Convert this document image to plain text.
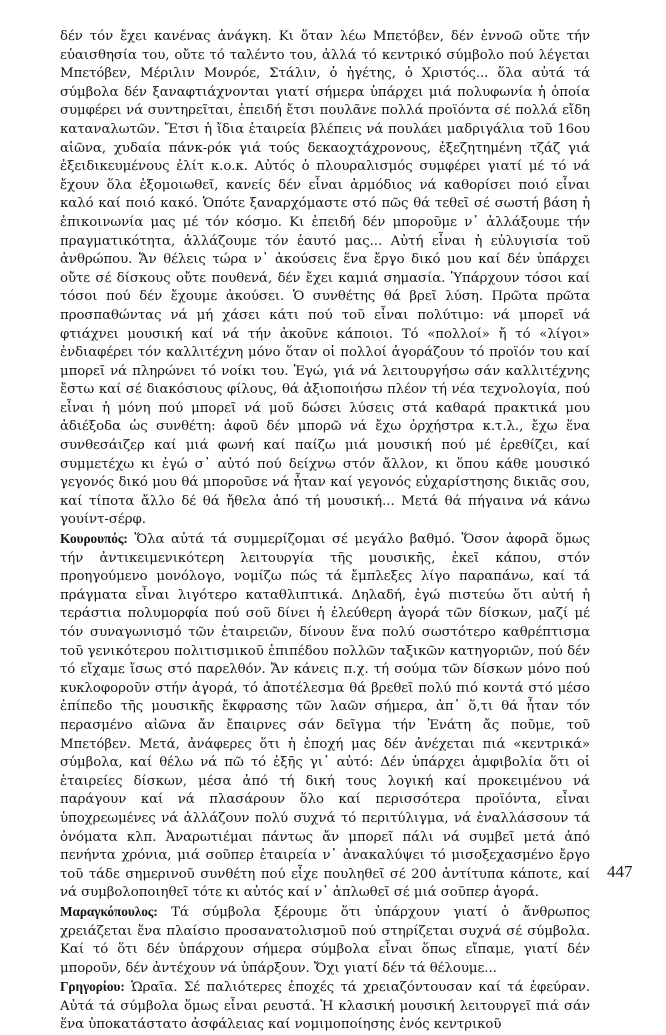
δέν τόν ἔχει κανένας ἀνάγκη. Κι ὅταν λέω Μπετόβεν, δέν ἐννοῶ οὔτε τήν εὐαισθησία του, οὔτε τό ταλέντο του, ἀλλά τό κεντρικό σύμβολο πού λέγεται Μπετόβεν, Μέριλιν Μονρόε, Στάλιν, ὁ ἡγέτης, ὁ Χριστός... ὅλα αὐτά τά σύμβολα δέν ξαναφτιάχνονται γιατί σήμερα ὑπάρχει μιά πολυφωνία ἡ ὁποία συμφέρει νά συντηρεῖται, ἐπειδή ἔτσι πουλᾶνε πολλά προϊόντα σέ πολλά εἴδη καταναλωτῶν. Ἔτσι ἡ ἴδια ἑταιρεία βλέπεις νά πουλάει μαδριγάλια τοῦ 16ου αἰῶνα, χυδαία πάνκ-ρόκ γιά τούς δεκαοχτάχρονους, ἐξεζητημένη τζάζ γιά ἐξειδικευμένους ἐλίτ κ.ο.κ. Αὐτός ὁ πλουραλισμός συμφέρει γιατί μέ τό νά ἔχουν ὅλα ἐξομοιωθεῖ, κανείς δέν εἶναι ἁρμόδιος νά καθορίσει ποιό εἶναι καλό καί ποιό κακό. Ὁπότε ξαναρχόμαστε στό πῶς θά τεθεῖ σέ σωστή βάση ἡ ἐπικοινωνία μας μέ τόν κόσμο. Κι ἐπειδή δέν μποροῦμε ν᾿ ἀλλάξουμε τήν πραγματικότητα, ἀλλάζουμε τόν ἑαυτό μας... Αὐτή εἶναι ἡ εὐλυγισία τοῦ ἀνθρώπου. Ἄν θέλεις τώρα ν᾿ ἀκούσεις ἕνα ἔργο δικό μου καί δέν ὑπάρχει οὔτε σέ δίσκους οὔτε πουθενά, δέν ἔχει καμιά σημασία. Ὑπάρχουν τόσοι καί τόσοι πού δέν ἔχουμε ἀκούσει. Ὁ συνθέτης θά βρεῖ λύση. Πρῶτα πρῶτα προσπαθώντας νά μή χάσει κάτι πού τοῦ εἶναι πολύτιμο: νά μπορεῖ νά φτιάχνει μουσική καί νά τήν ἀκοῦνε κάποιοι. Τό «πολλοί» ἤ τό «λίγοι» ἐνδιαφέρει τόν καλλιτέχνη μόνο ὅταν οἱ πολλοί ἀγοράζουν τό προϊόν του καί μπορεῖ νά πληρώνει τό νοίκι του. Ἐγώ, γιά νά λειτουργήσω σάν καλλιτέχνης ἔστω καί σέ διακόσιους φίλους, θά ἀξιοποιήσω πλέον τή νέα τεχνολογία, πού εἶναι ἡ μόνη πού μπορεῖ νά μοῦ δώσει λύσεις στά καθαρά πρακτικά μου ἀδιέξοδα ὡς συνθέτη: ἀφοῦ δέν μπορῶ νά ἔχω ὀρχήστρα κ.τ.λ., ἔχω ἕνα συνθεσάιζερ καί μιά φωνή καί παίζω μιά μουσική πού μέ ἐρεθίζει, καί συμμετέχω κι ἐγώ σ᾿ αὐτό πού δείχνω στόν ἄλλον, κι ὅπου κάθε μουσικό γεγονός δικό μου θά μποροῦσε νά ἦταν καί γεγονός εὐχαρίστησης δικιᾶς σου, καί τίποτα ἄλλο δέ θά ἤθελα ἀπό τή μουσική... Μετά θά πήγαινα νά κάνω γουίντ-σέρφ.

Κουρουπός: Ὅλα αὐτά τά συμμερίζομαι σέ μεγάλο βαθμό. Ὅσον ἀφορᾶ ὅμως τήν ἀντικειμενικότερη λειτουργία τῆς μουσικῆς, ἐκεῖ κάπου, στόν προηγούμενο μονόλογο, νομίζω πώς τά ἔμπλεξες λίγο παραπάνω, καί τά πράγματα εἶναι λιγότερο καταθλιπτικά. Δηλαδή, ἐγώ πιστεύω ὅτι αὐτή ἡ τεράστια πολυμορφία πού σοῦ δίνει ἡ ἐλεύθερη ἀγορά τῶν δίσκων, μαζί μέ τόν συναγωνισμό τῶν ἑταιρειῶν, δίνουν ἕνα πολύ σωστότερο καθρέπτισμα τοῦ γενικότερου πολιτισμικοῦ ἐπιπέδου πολλῶν ταξικῶν κατηγοριῶν, πού δέν τό εἴχαμε ἴσως στό παρελθόν. Ἄν κάνεις π.χ. τή σούμα τῶν δίσκων μόνο πού κυκλοφοροῦν στήν ἀγορά, τό ἀποτέλεσμα θά βρεθεῖ πολύ πιό κοντά στό μέσο ἐπίπεδο τῆς μουσικῆς ἔκφρασης τῶν λαῶν σήμερα, ἀπ᾿ ὅ,τι θά ἦταν τόν περασμένο αἰῶνα ἄν ἔπαιρνες σάν δεῖγμα τήν Ἐνάτη ἄς ποῦμε, τοῦ Μπετόβεν. Μετά, ἀνάφερες ὅτι ἡ ἐποχή μας δέν ἀνέχεται πιά «κεντρικά» σύμβολα, καί θέλω νά πῶ τό ἑξῆς γι᾿ αὐτό: Δέν ὑπάρχει ἀμφιβολία ὅτι οἱ ἑταιρείες δίσκων, μέσα ἀπό τή δική τους λογική καί προκειμένου νά παράγουν καί νά πλασάρουν ὅλο καί περισσότερα προϊόντα, εἶναι ὑποχρεωμένες νά ἀλλάζουν πολύ συχνά τό περιτύλιγμα, νά ἐναλλάσσουν τά ὀνόματα κλπ. Ἀναρωτιέμαι πάντως ἄν μπορεῖ πάλι νά συμβεῖ μετά ἀπό πενήντα χρόνια, μιά σοῦπερ ἑταιρεία ν᾿ ἀνακαλύψει τό μισοξεχασμένο ἔργο τοῦ τάδε σημερινοῦ συνθέτη πού εἶχε πουληθεῖ σέ 200 ἀντίτυπα κάποτε, καί νά συμβολοποιηθεῖ τότε κι αὐτός καί ν᾿ ἁπλωθεῖ σέ μιά σοῦπερ ἀγορά.

Μαραγκόπουλος: Τά σύμβολα ξέρουμε ὅτι ὑπάρχουν γιατί ὁ ἄνθρωπος χρειάζεται ἕνα πλαίσιο προσανατολισμοῦ πού στηρίζεται συχνά σέ σύμβολα. Καί τό ὅτι δέν ὑπάρχουν σήμερα σύμβολα εἶναι ὅπως εἴπαμε, γιατί δέν μποροῦν, δέν ἀντέχουν νά ὑπάρξουν. Ὄχι γιατί δέν τά θέλουμε...

Γρηγορίου: Ὡραῖα. Σέ παλιότερες ἐποχές τά χρειαζόντουσαν καί τά ἐφεύραν. Αὐτά τά σύμβολα ὅμως εἶναι ρευστά. Ἡ κλασική μουσική λειτουργεῖ πιά σάν ἕνα ὑποκατάστατο ἀσφάλειας καί νομιμοποίησης ἑνός κεντρικοῦ

447
